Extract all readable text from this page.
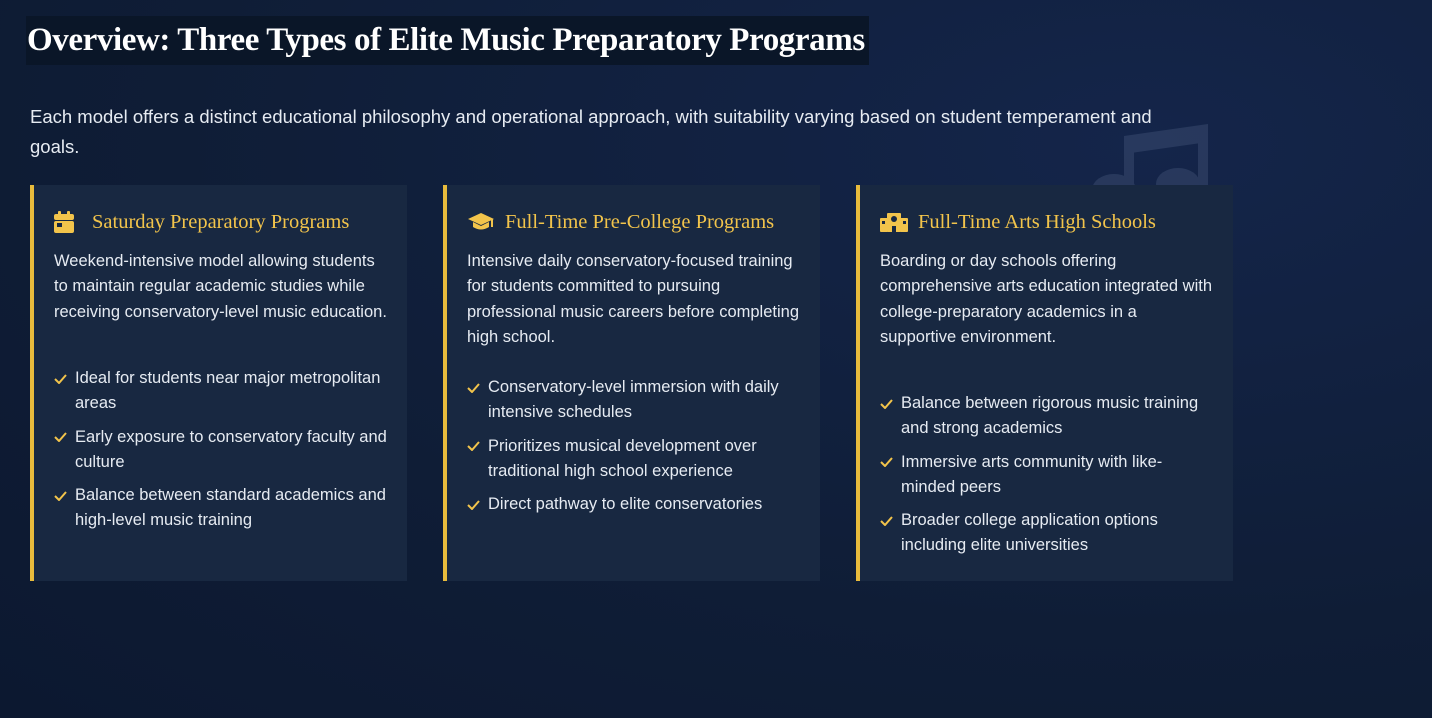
Overview: Three Types of Elite Music Preparatory Programs

Each model offers a distinct educational philosophy and operational approach, with suitability varying based on student temperament and goals.

Saturday Preparatory Programs

Weekend-intensive model allowing students to maintain regular academic studies while receiving conservatory-level music education.

Ideal for students near major metropolitan areas
Early exposure to conservatory faculty and culture
Balance between standard academics and high-level music training
Full-Time Pre-College Programs

Intensive daily conservatory-focused training for students committed to pursuing professional music careers before completing high school.

Conservatory-level immersion with daily intensive schedules
Prioritizes musical development over traditional high school experience
Direct pathway to elite conservatories
Full-Time Arts High Schools

Boarding or day schools offering comprehensive arts education integrated with college-preparatory academics in a supportive environment.

Balance between rigorous music training and strong academics
Immersive arts community with like-minded peers
Broader college application options including elite universities
